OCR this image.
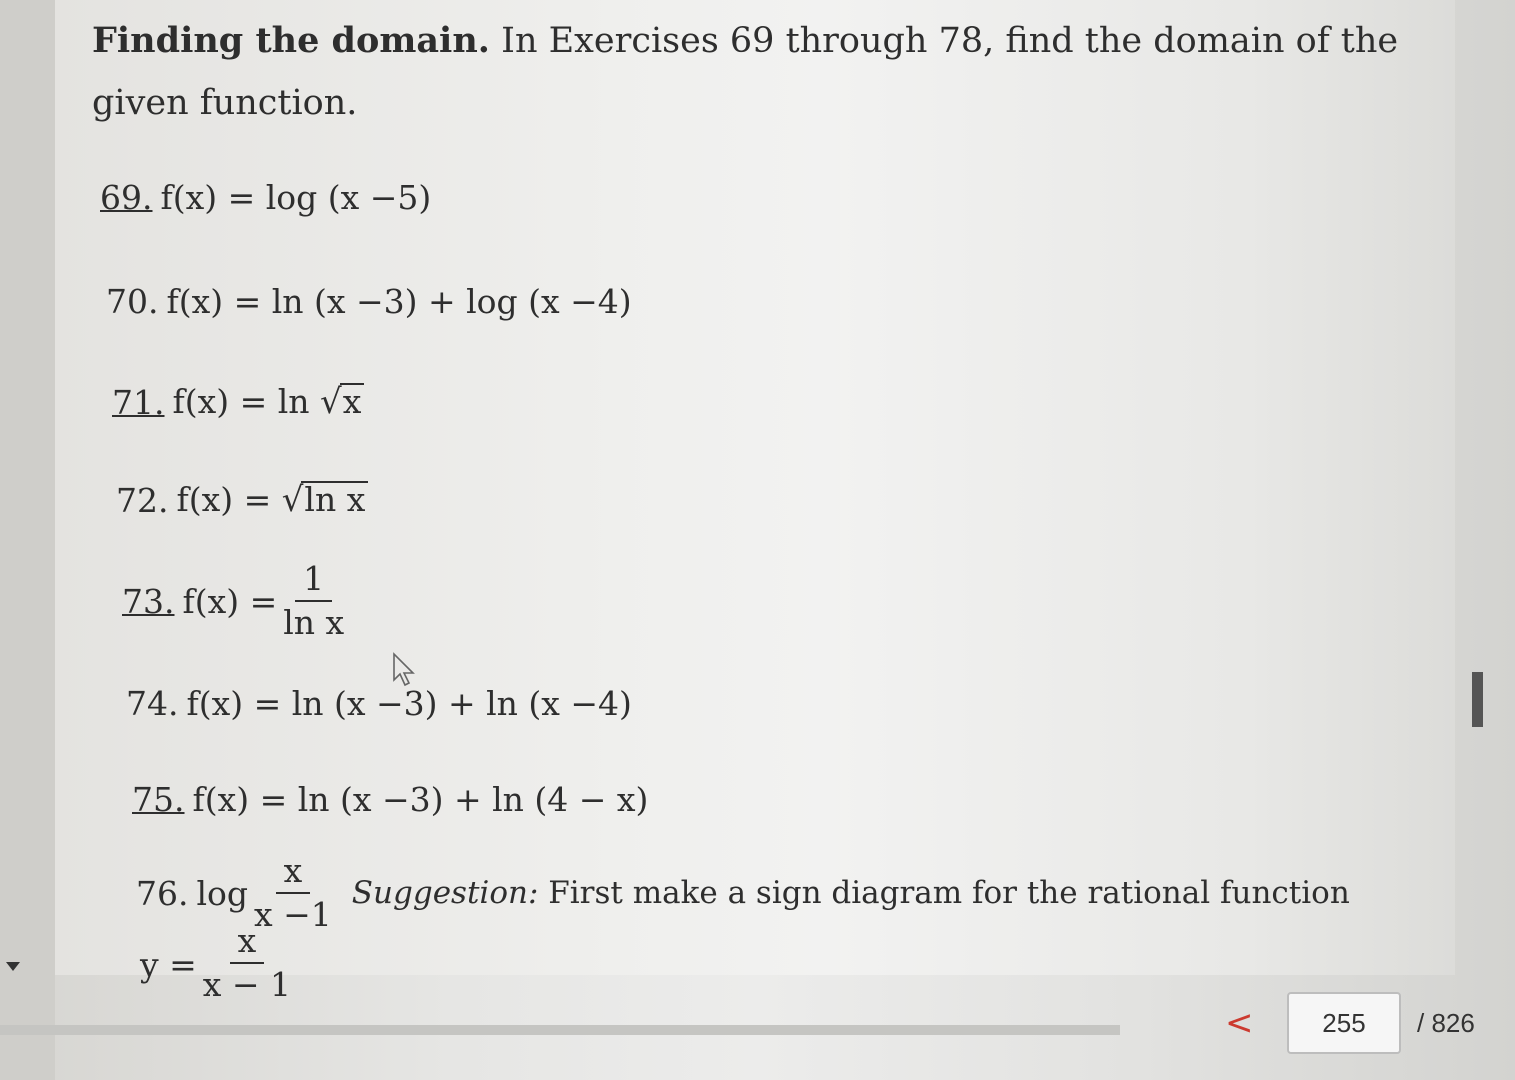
Finding the domain. In Exercises 69 through 78, find the domain of the given function.
69. f(x) = log (x −5)
70. f(x) = ln (x −3) + log (x −4)
71. f(x) = ln √x
72. f(x) = √ln x
73. $f(x) = \frac{1}{\text{ln x}}$
74. f(x) = ln (x −3) + ln (x −4)
75. f(x) = ln (x −3) + ln (4 − x)
76. $\log \frac{x}{x -1}$ Suggestion: First make a sign diagram for the rational function
$y = \frac{x}{x - 1}$
<	255	/ 826
